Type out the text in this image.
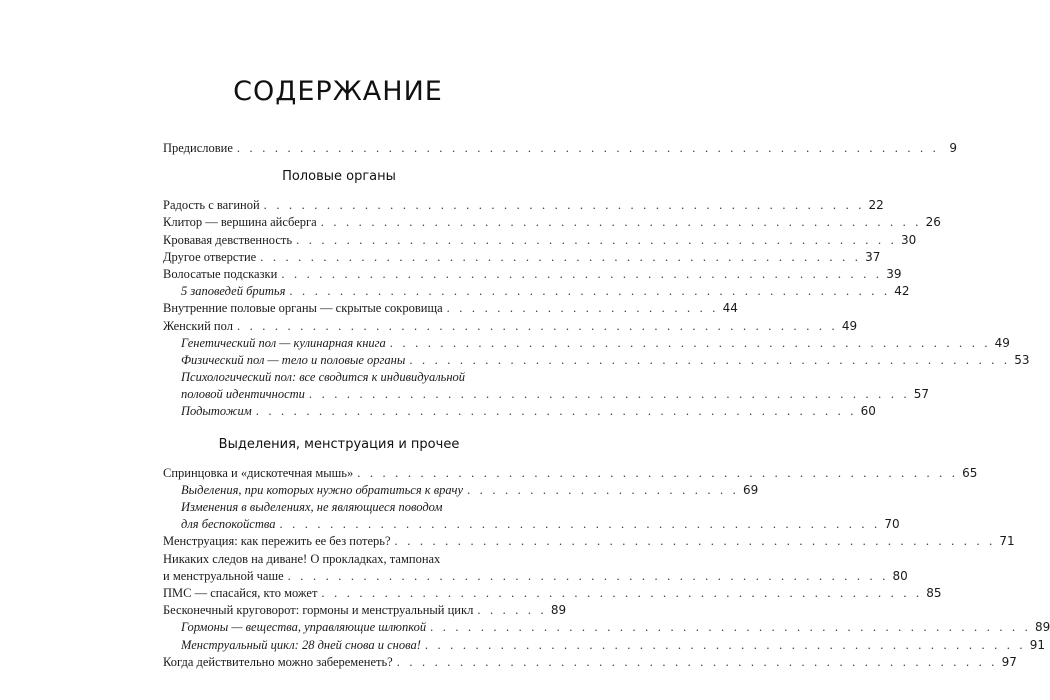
СОДЕРЖАНИЕ
Предисловие . . . . . . . . . . . . . . . . . . . . . . . . . . . . . . . . . . . . . . . . . . . . . . . . . . . . . . . . 9
Половые органы
Радость с вагиной . . . . . . . . . . . . . . . . . . . . . . . . . . . . . . . . . . . . . . . . . . . . . . . . 22
Клитор — вершина айсберга . . . . . . . . . . . . . . . . . . . . . . . . . . . . . . . . . . . . . . . . . . . . . . . . 26
Кровавая девственность . . . . . . . . . . . . . . . . . . . . . . . . . . . . . . . . . . . . . . . . . . . . . . . . 30
Другое отверстие . . . . . . . . . . . . . . . . . . . . . . . . . . . . . . . . . . . . . . . . . . . . . . . . 37
Волосатые подсказки . . . . . . . . . . . . . . . . . . . . . . . . . . . . . . . . . . . . . . . . . . . . . . . . 39
5 заповедей бритья . . . . . . . . . . . . . . . . . . . . . . . . . . . . . . . . . . . . . . . . . . . . . . . . 42
Внутренние половые органы — скрытые сокровища . . . . . . . . . . . . . . . . . . . . . . 44
Женский пол . . . . . . . . . . . . . . . . . . . . . . . . . . . . . . . . . . . . . . . . . . . . . . . . 49
Генетический пол — кулинарная книга . . . . . . . . . . . . . . . . . . . . . . . . . . . . . . . . . . . . . . . . . . . . . . . . 49
Физический пол — тело и половые органы . . . . . . . . . . . . . . . . . . . . . . . . . . . . . . . . . . . . . . . . . . . . . . . . 53
Психологический пол: все сводится к индивидуальной
половой идентичности . . . . . . . . . . . . . . . . . . . . . . . . . . . . . . . . . . . . . . . . . . . . . . . . 57
Подытожим . . . . . . . . . . . . . . . . . . . . . . . . . . . . . . . . . . . . . . . . . . . . . . . . 60
Выделения, менструация и прочее
Спринцовка и «дискотечная мышь» . . . . . . . . . . . . . . . . . . . . . . . . . . . . . . . . . . . . . . . . . . . . . . . . 65
Выделения, при которых нужно обратиться к врачу . . . . . . . . . . . . . . . . . . . . . . 69
Изменения в выделениях, не являющиеся поводом
для беспокойства . . . . . . . . . . . . . . . . . . . . . . . . . . . . . . . . . . . . . . . . . . . . . . . . 70
Менструация: как пережить ее без потерь? . . . . . . . . . . . . . . . . . . . . . . . . . . . . . . . . . . . . . . . . . . . . . . . . 71
Никаких следов на диване! О прокладках, тампонах
и менструальной чаше . . . . . . . . . . . . . . . . . . . . . . . . . . . . . . . . . . . . . . . . . . . . . . . . 80
ПМС — спасайся, кто может . . . . . . . . . . . . . . . . . . . . . . . . . . . . . . . . . . . . . . . . . . . . . . . . 85
Бесконечный круговорот: гормоны и менструальный цикл . . . . . . 89
Гормоны — вещества, управляющие шлюпкой . . . . . . . . . . . . . . . . . . . . . . . . . . . . . . . . . . . . . . . . . . . . . . . . 89
Менструальный цикл: 28 дней снова и снова! . . . . . . . . . . . . . . . . . . . . . . . . . . . . . . . . . . . . . . . . . . . . . . . . 91
Когда действительно можно забеременеть? . . . . . . . . . . . . . . . . . . . . . . . . . . . . . . . . . . . . . . . . . . . . . . . . 97
